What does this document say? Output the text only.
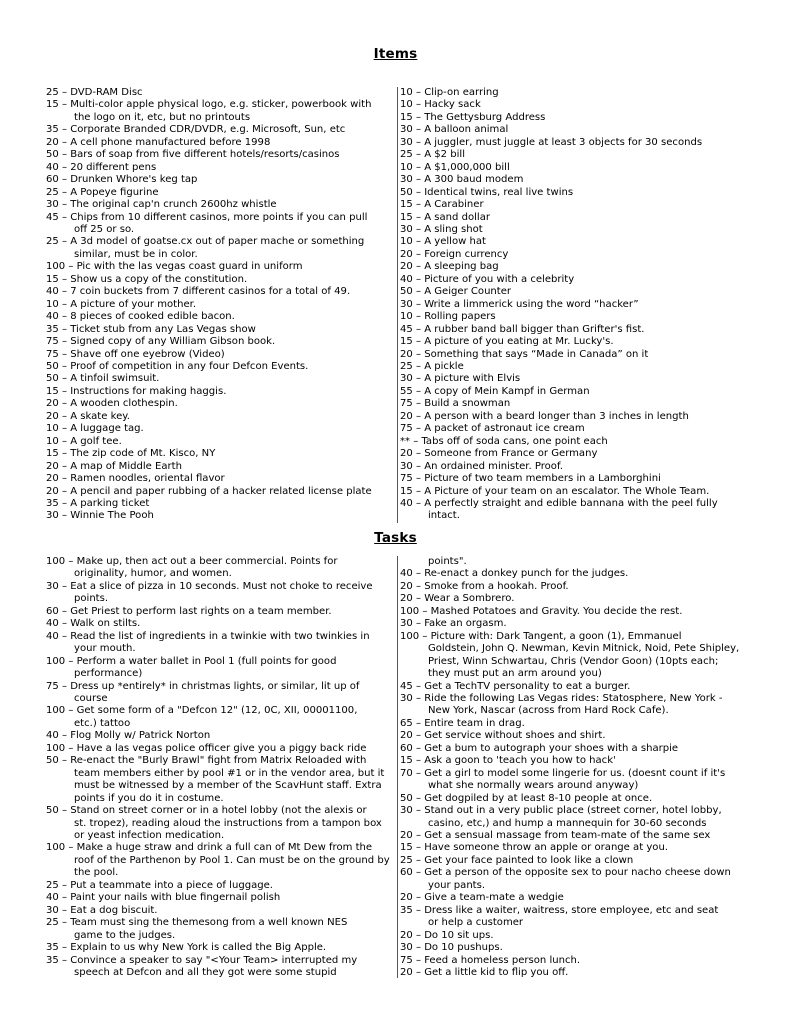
Items
25 – DVD-RAM Disc
15 – Multi-color apple physical logo, e.g. sticker, powerbook with
the logo on it, etc, but no printouts
35 – Corporate Branded CDR/DVDR, e.g. Microsoft, Sun, etc
20 – A cell phone manufactured before 1998
50 – Bars of soap from five different hotels/resorts/casinos
40 – 20 different pens
60 – Drunken Whore's keg tap
25 – A Popeye figurine
30 – The original cap'n crunch 2600hz whistle
45 – Chips from 10 different casinos, more points if you can pull
off 25 or so.
25 – A 3d model of goatse.cx out of paper mache or something
similar, must be in color.
100 – Pic with the las vegas coast guard in uniform
15 – Show us a copy of the constitution.
40 – 7 coin buckets from 7 different casinos for a total of 49.
10 – A picture of your mother.
40 – 8 pieces of cooked edible bacon.
35 – Ticket stub from any Las Vegas show
75 – Signed copy of any William Gibson book.
75 – Shave off one eyebrow (Video)
50 – Proof of competition in any four Defcon Events.
50 – A tinfoil swimsuit.
15 – Instructions for making haggis.
20 – A wooden clothespin.
20 – A skate key.
10 – A luggage tag.
10 – A golf tee.
15 – The zip code of Mt. Kisco, NY
20 – A map of Middle Earth
20 – Ramen noodles, oriental flavor
20 – A pencil and paper rubbing of a hacker related license plate
35 – A parking ticket
30 – Winnie The Pooh
10 – Clip-on earring
10 – Hacky sack
15 – The Gettysburg Address
30 – A balloon animal
30 – A juggler, must juggle at least 3 objects for 30 seconds
25 – A $2 bill
10 – A $1,000,000 bill
30 – A 300 baud modem
50 – Identical twins, real live twins
15 – A Carabiner
15 – A sand dollar
30 – A sling shot
10 – A yellow hat
20 – Foreign currency
20 – A sleeping bag
40 – Picture of you with a celebrity
50 – A Geiger Counter
30 – Write a limmerick using the word “hacker”
10 – Rolling papers
45 – A rubber band ball bigger than Grifter's fist.
15 – A picture of you eating at Mr. Lucky's.
20 – Something that says “Made in Canada” on it
25 – A pickle
30 – A picture with Elvis
55 – A copy of Mein Kampf in German
75 – Build a snowman
20 – A person with a beard longer than 3 inches in length
75 – A packet of astronaut ice cream
** – Tabs off of soda cans, one point each
20 – Someone from France or Germany
30 – An ordained minister. Proof.
75 – Picture of two team members in a Lamborghini
15 – A Picture of your team on an escalator. The Whole Team.
40 – A perfectly straight and edible bannana with the peel fully
intact.
Tasks
100 – Make up, then act out a beer commercial. Points for
originality, humor, and women.
30 – Eat a slice of pizza in 10 seconds. Must not choke to receive
points.
60 – Get Priest to perform last rights on a team member.
40 – Walk on stilts.
40 – Read the list of ingredients in a twinkie with two twinkies in
your mouth.
100 – Perform a water ballet in Pool 1 (full points for good
performance)
75 – Dress up *entirely* in christmas lights, or similar, lit up of
course
100 – Get some form of a "Defcon 12" (12, 0C, XII, 00001100,
etc.) tattoo
40 – Flog Molly w/ Patrick Norton
100 – Have a las vegas police officer give you a piggy back ride
50 – Re-enact the "Burly Brawl" fight from Matrix Reloaded with
team members either by pool #1 or in the vendor area, but it must be witnessed by a member of the ScavHunt staff. Extra points if you do it in costume.
50 – Stand on street corner or in a hotel lobby (not the alexis or
st. tropez), reading aloud the instructions from a tampon box or yeast infection medication.
100 – Make a huge straw and drink a full can of Mt Dew from the
roof of the Parthenon by Pool 1. Can must be on the ground by the pool.
25 – Put a teammate into a piece of luggage.
40 – Paint your nails with blue fingernail polish
30 – Eat a dog biscuit.
25 – Team must sing the themesong from a well known NES
game to the judges.
35 – Explain to us why New York is called the Big Apple.
35 – Convince a speaker to say "<Your Team> interrupted my
speech at Defcon and all they got were some stupid
points".
40 – Re-enact a donkey punch for the judges.
20 – Smoke from a hookah. Proof.
20 – Wear a Sombrero.
100 – Mashed Potatoes and Gravity. You decide the rest.
30 – Fake an orgasm.
100 – Picture with: Dark Tangent, a goon (1), Emmanuel
Goldstein, John Q. Newman, Kevin Mitnick, Noid, Pete Shipley, Priest, Winn Schwartau, Chris (Vendor Goon) (10pts each; they must put an arm around you)
45 – Get a TechTV personality to eat a burger.
30 – Ride the following Las Vegas rides: Statosphere, New York -
New York, Nascar (across from Hard Rock Cafe).
65 – Entire team in drag.
20 – Get service without shoes and shirt.
60 – Get a bum to autograph your shoes with a sharpie
15 – Ask a goon to 'teach you how to hack'
70 – Get a girl to model some lingerie for us. (doesnt count if it's
what she normally wears around anyway)
50 – Get dogpiled by at least 8-10 people at once.
30 – Stand out in a very public place (street corner, hotel lobby,
casino, etc,) and hump a mannequin for 30-60 seconds
20 – Get a sensual massage from team-mate of the same sex
15 – Have someone throw an apple or orange at you.
25 – Get your face painted to look like a clown
60 – Get a person of the opposite sex to pour nacho cheese down
your pants.
20 – Give a team-mate a wedgie
35 – Dress like a waiter, waitress, store employee, etc and seat
or help a customer
20 – Do 10 sit ups.
30 – Do 10 pushups.
75 – Feed a homeless person lunch.
20 – Get a little kid to flip you off.
